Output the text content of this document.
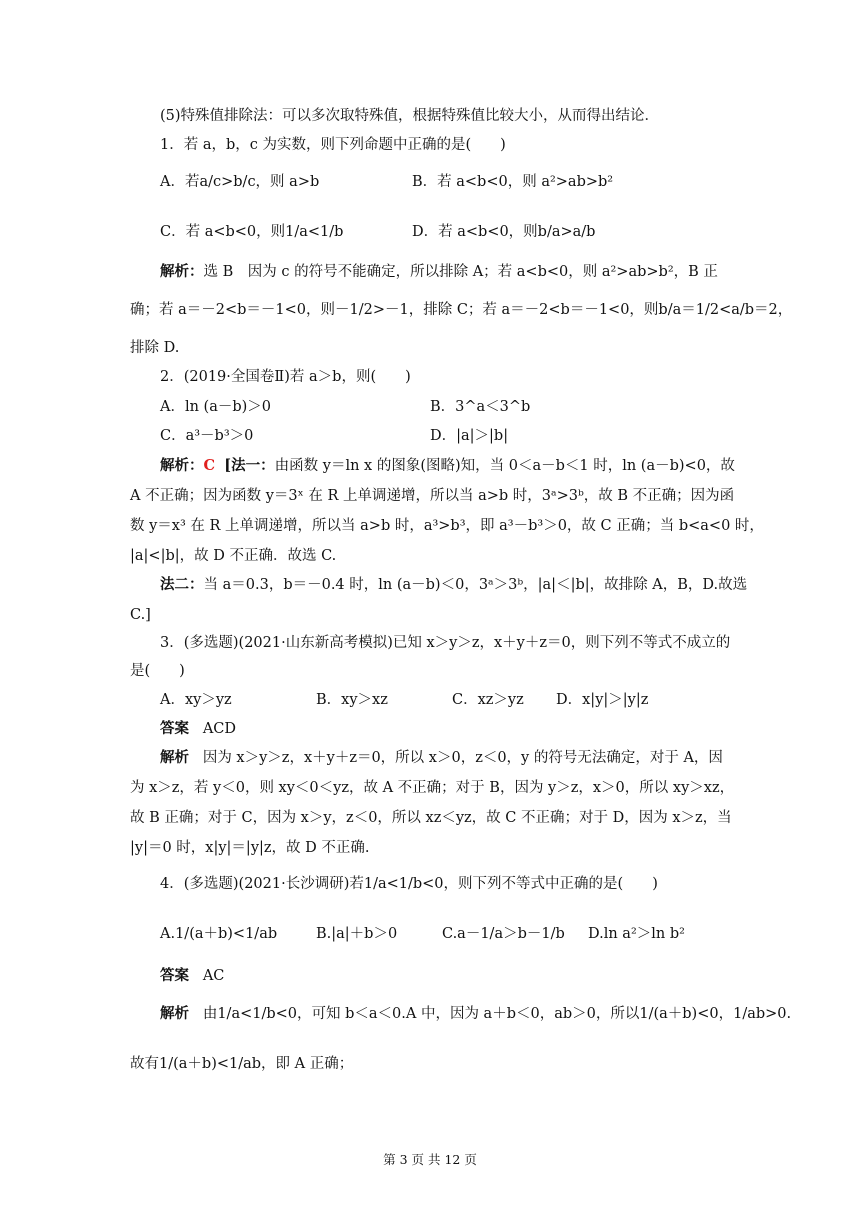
(5)特殊值排除法：可以多次取特殊值，根据特殊值比较大小，从而得出结论．
1．若 a，b，c 为实数，则下列命题中正确的是(　　)
A．若a/c>b/c，则 a>b	B．若 a<b<0，则 a²>ab>b²
C．若 a<b<0，则1/a<1/b	D．若 a<b<0，则b/a>a/b
解析：选 B　因为 c 的符号不能确定，所以排除 A；若 a<b<0，则 a²>ab>b²，B 正
确；若 a＝－2<b＝－1<0，则－1/2>－1，排除 C；若 a＝－2<b＝－1<0，则b/a＝1/2<a/b＝2，
排除 D.
2．(2019·全国卷Ⅱ)若 a＞b，则(　　)
A．ln (a－b)＞0	B．3^a＜3^b
C．a³－b³＞0	D．|a|＞|b|
解析：C [法一：由函数 y＝ln x 的图象(图略)知，当 0＜a－b＜1 时，ln (a－b)<0，故
A 不正确；因为函数 y＝3ˣ 在 R 上单调递增，所以当 a>b 时，3ᵃ>3ᵇ，故 B 不正确；因为函
数 y＝x³ 在 R 上单调递增，所以当 a>b 时，a³>b³，即 a³－b³＞0，故 C 正确；当 b<a<0 时，
|a|<|b|，故 D 不正确．故选 C.
法二：当 a＝0.3，b＝－0.4 时，ln (a－b)＜0，3ᵃ＞3ᵇ，|a|＜|b|，故排除 A，B，D.故选
C.]
3．(多选题)(2021·山东新高考模拟)已知 x＞y＞z，x＋y＋z＝0，则下列不等式不成立的
是(　　)
A．xy＞yz	B．xy＞xz	C．xz＞yz D．x|y|＞|y|z
答案 ACD
解析 因为 x＞y＞z，x＋y＋z＝0，所以 x＞0，z＜0，y 的符号无法确定，对于 A，因
为 x＞z，若 y＜0，则 xy＜0＜yz，故 A 不正确；对于 B，因为 y＞z，x＞0，所以 xy＞xz，
故 B 正确；对于 C，因为 x＞y，z＜0，所以 xz＜yz，故 C 不正确；对于 D，因为 x＞z，当
|y|＝0 时，x|y|＝|y|z，故 D 不正确.
4．(多选题)(2021·长沙调研)若1/a<1/b<0，则下列不等式中正确的是(　　)
A.1/(a＋b)<1/ab	B.|a|＋b＞0	C.a－1/a＞b－1/b D.ln a²＞ln b²
答案 AC
解析 由1/a<1/b<0，可知 b＜a＜0.A 中，因为 a＋b＜0，ab＞0，所以1/(a＋b)<0，1/ab>0.
故有1/(a＋b)<1/ab，即 A 正确；
第 3 页 共 12 页
